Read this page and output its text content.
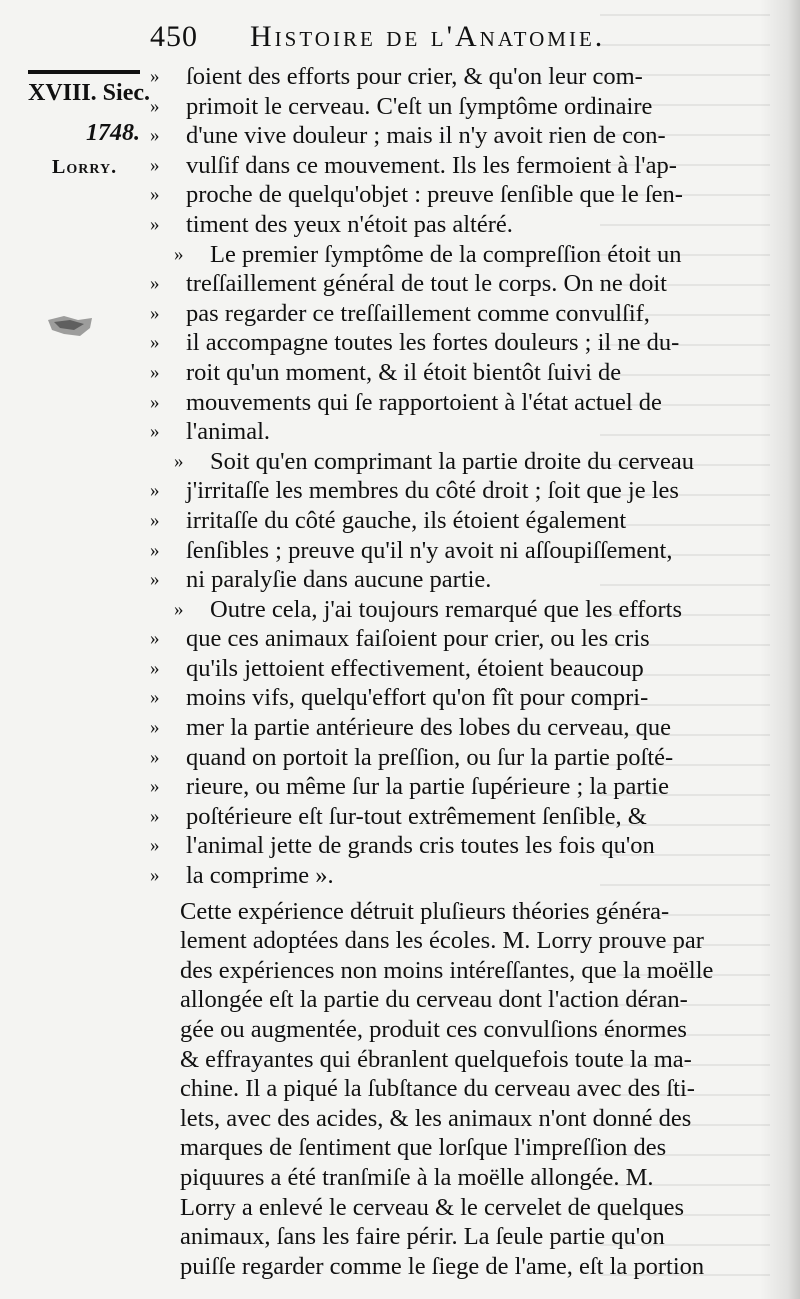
450 Histoire de l'Anatomie.
XVIII. Siec.
1748.
Lorry.
»	ſoient des efforts pour crier, & qu'on leur com-
»	primoit le cerveau. C'eſt un ſymptôme ordinaire
»	d'une vive douleur ; mais il n'y avoit rien de con-
»	vulſif dans ce mouvement. Ils les fermoient à l'ap-
»	proche de quelqu'objet : preuve ſenſible que le ſen-
»	timent des yeux n'étoit pas altéré.
»	Le premier ſymptôme de la compreſſion étoit un
»	treſſaillement général de tout le corps. On ne doit
»	pas regarder ce treſſaillement comme convulſif,
»	il accompagne toutes les fortes douleurs ; il ne du-
»	roit qu'un moment, & il étoit bientôt ſuivi de
»	mouvements qui ſe rapportoient à l'état actuel de
»	l'animal.
»	Soit qu'en comprimant la partie droite du cerveau
»	j'irritaſſe les membres du côté droit ; ſoit que je les
»	irritaſſe du côté gauche, ils étoient également
»	ſenſibles ; preuve qu'il n'y avoit ni aſſoupiſſement,
»	ni paralyſie dans aucune partie.
»	Outre cela, j'ai toujours remarqué que les efforts
»	que ces animaux faiſoient pour crier, ou les cris
»	qu'ils jettoient effectivement, étoient beaucoup
»	moins vifs, quelqu'effort qu'on fît pour compri-
»	mer la partie antérieure des lobes du cerveau, que
»	quand on portoit la preſſion, ou ſur la partie poſté-
»	rieure, ou même ſur la partie ſupérieure ; la partie
»	poſtérieure eſt ſur-tout extrêmement ſenſible, &
»	l'animal jette de grands cris toutes les fois qu'on
»	la comprime ».
Cette expérience détruit pluſieurs théories généra-
lement adoptées dans les écoles. M. Lorry prouve par
des expériences non moins intéreſſantes, que la moëlle
allongée eſt la partie du cerveau dont l'action déran-
gée ou augmentée, produit ces convulſions énormes
& effrayantes qui ébranlent quelquefois toute la ma-
chine. Il a piqué la ſubſtance du cerveau avec des ſti-
lets, avec des acides, & les animaux n'ont donné des
marques de ſentiment que lorſque l'impreſſion des
piquures a été tranſmiſe à la moëlle allongée. M.
Lorry a enlevé le cerveau & le cervelet de quelques
animaux, ſans les faire périr. La ſeule partie qu'on
puiſſe regarder comme le ſiege de l'ame, eſt la portion
